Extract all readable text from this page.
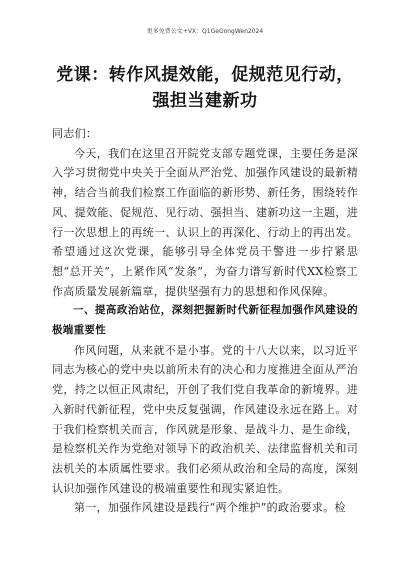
更多免费公文+VX：Q1GeGongWen2024
党课：转作风提效能，促规范见行动，强担当建新功

同志们：

今天，我们在这里召开院党支部专题党课，主要任务是深入学习贯彻党中央关于全面从严治党、加强作风建设的最新精神，结合当前我们检察工作面临的新形势、新任务，围绕转作风、提效能、促规范、见行动、强担当、建新功这一主题，进行一次思想上的再统一、认识上的再深化、行动上的再出发。希望通过这次党课，能够引导全体党员干警进一步拧紧思想“总开关”，上紧作风“发条”，为奋力谱写新时代XX检察工作高质量发展新篇章，提供坚强有力的思想和作风保障。

一、提高政治站位，深刻把握新时代新征程加强作风建设的极端重要性

作风问题，从来就不是小事。党的十八大以来，以习近平同志为核心的党中央以前所未有的决心和力度推进全面从严治党，持之以恒正风肃纪，开创了我们党自我革命的新境界。进入新时代新征程，党中央反复强调，作风建设永远在路上。对于我们检察机关而言，作风就是形象、是战斗力、是生命线，是检察机关作为党绝对领导下的政治机关、法律监督机关和司法机关的本质属性要求。我们必须从政治和全局的高度，深刻认识加强作风建设的极端重要性和现实紧迫性。

第一，加强作风建设是践行“两个维护”的政治要求。检
